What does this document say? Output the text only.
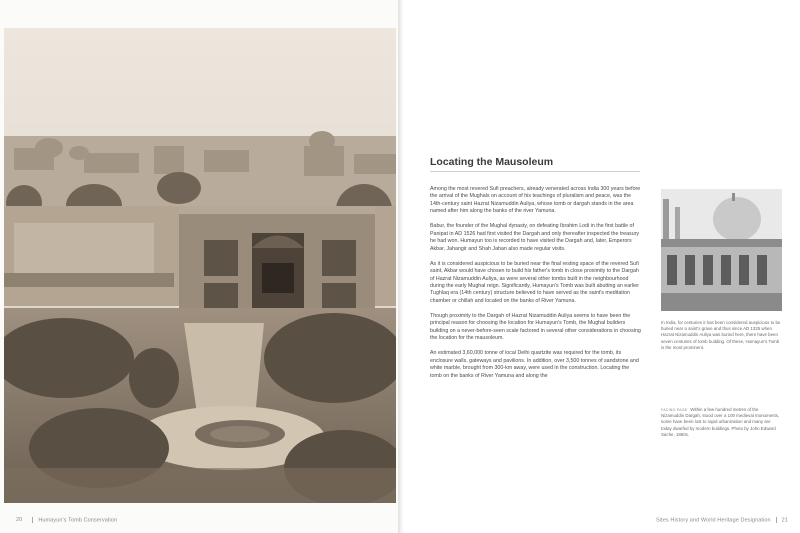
20	Humayun's Tomb Conservation
Locating the Mausoleum

Among the most revered Sufi preachers, already venerated across India 300 years before the arrival of the Mughals on account of his teachings of pluralism and peace, was the 14th-century saint Hazrat Nizamuddin Auliya, whose tomb or dargah stands in the area named after him along the banks of the river Yamuna.

Babur, the founder of the Mughal dynasty, on defeating Ibrahim Lodi in the first battle of Panipat in AD 1526 had first visited the Dargah and only thereafter inspected the treasury he had won. Humayun too is recorded to have visited the Dargah and, later, Emperors Akbar, Jahangir and Shah Jahan also made regular visits.

As it is considered auspicious to be buried near the final resting space of the revered Sufi saint, Akbar would have chosen to build his father's tomb in close proximity to the Dargah of Hazrat Nizamuddin Auliya, as were several other tombs built in the neighbourhood during the early Mughal reign. Significantly, Humayun's Tomb was built abutting an earlier Tughlaq era (14th century) structure believed to have served as the saint's meditation chamber or chillah and located on the banks of River Yamuna.

Though proximity to the Dargah of Hazrat Nizamuddin Auliya seems to have been the principal reason for choosing the location for Humayun's Tomb, the Mughal builders building on a never-before-seen scale factored in several other considerations in choosing the location for the mausoleum.

An estimated 3,60,000 tonne of local Delhi quartzite was required for the tomb, its enclosure walls, gateways and pavilions. In addition, over 3,500 tonnes of sandstone and white marble, brought from 300-km away, were used in the construction. Locating the tomb on the banks of River Yamuna and along the

In India, for centuries it has been considered auspicious to be buried near a saint's grave and thus since AD 1325 when Hazrat Nizamuddin Auliya was buried here, there have been seven centuries of tomb building. Of these, Humayun's Tomb is the most prominent.
FACING PAGE Within a few hundred metres of the Nizamuddin Dargah, stood over a 100 medieval monuments, some have been lost to rapid urbanization and many are today dwarfed by modern buildings. Photo by John Edward Sache, 1860s.
Sites History and World Heritage Designation 21
